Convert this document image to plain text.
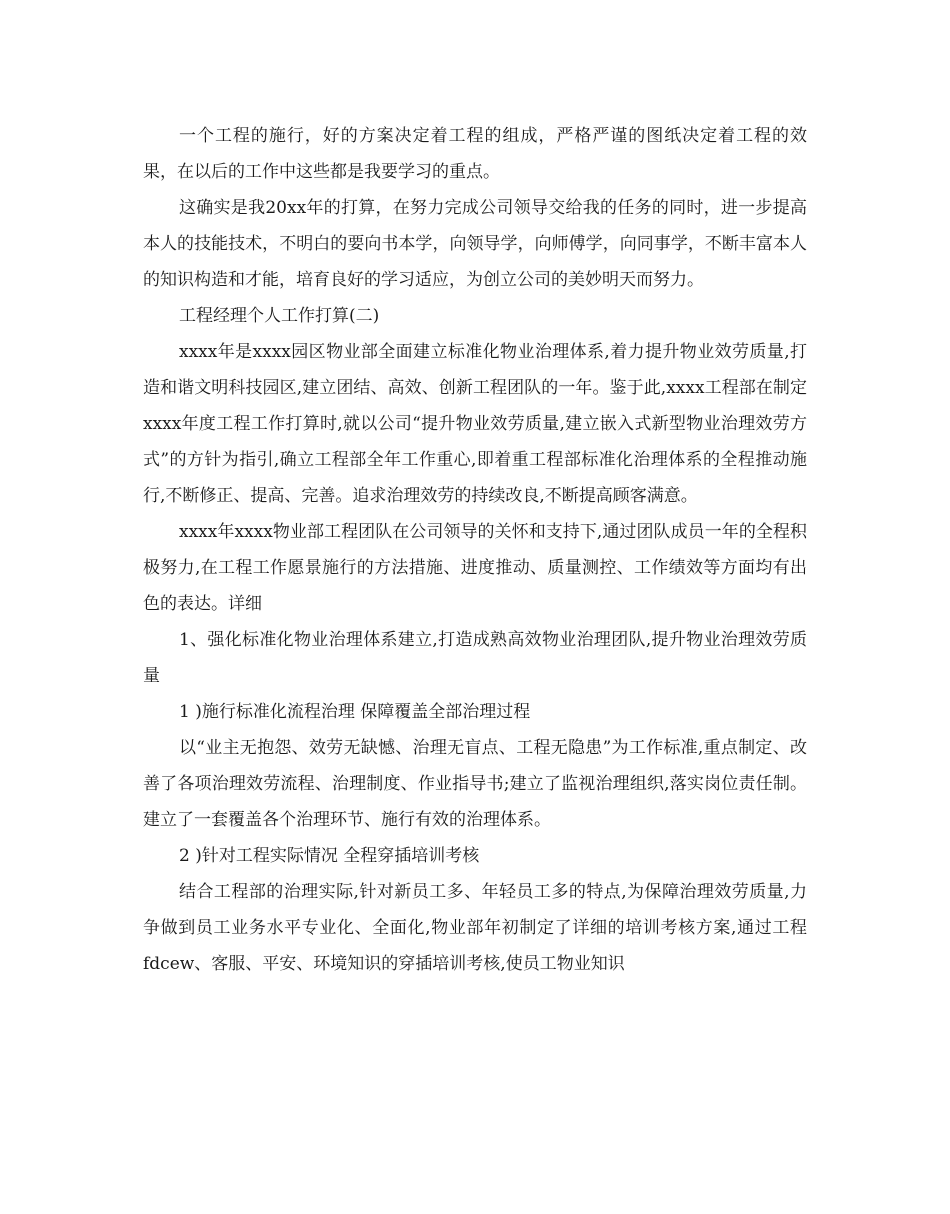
一个工程的施行，好的方案决定着工程的组成，严格严谨的图纸决定着工程的效果，在以后的工作中这些都是我要学习的重点。

这确实是我20xx年的打算，在努力完成公司领导交给我的任务的同时，进一步提高本人的技能技术，不明白的要向书本学，向领导学，向师傅学，向同事学，不断丰富本人的知识构造和才能，培育良好的学习适应，为创立公司的美妙明天而努力。

工程经理个人工作打算(二)

xxxx年是xxxx园区物业部全面建立标准化物业治理体系,着力提升物业效劳质量,打造和谐文明科技园区,建立团结、高效、创新工程团队的一年。鉴于此,xxxx工程部在制定xxxx年度工程工作打算时,就以公司“提升物业效劳质量,建立嵌入式新型物业治理效劳方式”的方针为指引,确立工程部全年工作重心,即着重工程部标准化治理体系的全程推动施行,不断修正、提高、完善。追求治理效劳的持续改良,不断提高顾客满意。

xxxx年xxxx物业部工程团队在公司领导的关怀和支持下,通过团队成员一年的全程积极努力,在工程工作愿景施行的方法措施、进度推动、质量测控、工作绩效等方面均有出色的表达。详细

1、强化标准化物业治理体系建立,打造成熟高效物业治理团队,提升物业治理效劳质量

1 )施行标准化流程治理 保障覆盖全部治理过程

以“业主无抱怨、效劳无缺憾、治理无盲点、工程无隐患”为工作标准,重点制定、改善了各项治理效劳流程、治理制度、作业指导书;建立了监视治理组织,落实岗位责任制。建立了一套覆盖各个治理环节、施行有效的治理体系。

2 )针对工程实际情况 全程穿插培训考核

结合工程部的治理实际,针对新员工多、年轻员工多的特点,为保障治理效劳质量,力争做到员工业务水平专业化、全面化,物业部年初制定了详细的培训考核方案,通过工程fdcew、客服、平安、环境知识的穿插培训考核,使员工物业知识
